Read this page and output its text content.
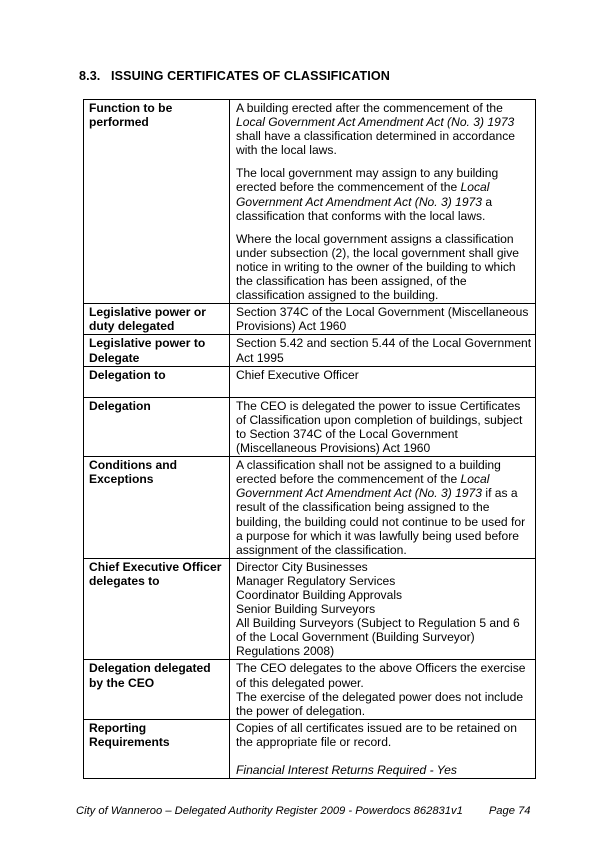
8.3. ISSUING CERTIFICATES OF CLASSIFICATION
Function to be performed	A building erected after the commencement of the Local Government Act Amendment Act (No. 3) 1973 shall have a classification determined in accordance with the local laws.
The local government may assign to any building erected before the commencement of the Local Government Act Amendment Act (No. 3) 1973 a classification that conforms with the local laws.
Where the local government assigns a classification under subsection (2), the local government shall give notice in writing to the owner of the building to which the classification has been assigned, of the classification assigned to the building.

Legislative power or duty delegated	Section 374C of the Local Government (Miscellaneous Provisions) Act 1960

Legislative power to Delegate	Section 5.42 and section 5.44 of the Local Government Act 1995

Delegation to	Chief Executive Officer

Delegation	The CEO is delegated the power to issue Certificates of Classification upon completion of buildings, subject to Section 374C of the Local Government (Miscellaneous Provisions) Act 1960

Conditions and Exceptions	A classification shall not be assigned to a building erected before the commencement of the Local Government Act Amendment Act (No. 3) 1973 if as a result of the classification being assigned to the building, the building could not continue to be used for a purpose for which it was lawfully being used before assignment of the classification.

Chief Executive Officer delegates to	Director City Businesses
Manager Regulatory Services
Coordinator Building Approvals
Senior Building Surveyors
All Building Surveyors (Subject to Regulation 5 and 6 of the Local Government (Building Surveyor) Regulations 2008)

Delegation delegated by the CEO	The CEO delegates to the above Officers the exercise of this delegated power.
The exercise of the delegated power does not include the power of delegation.

Reporting Requirements	Copies of all certificates issued are to be retained on the appropriate file or record.

Financial Interest Returns Required - Yes
City of Wanneroo – Delegated Authority Register 2009 - Powerdocs 862831v1 Page 74
